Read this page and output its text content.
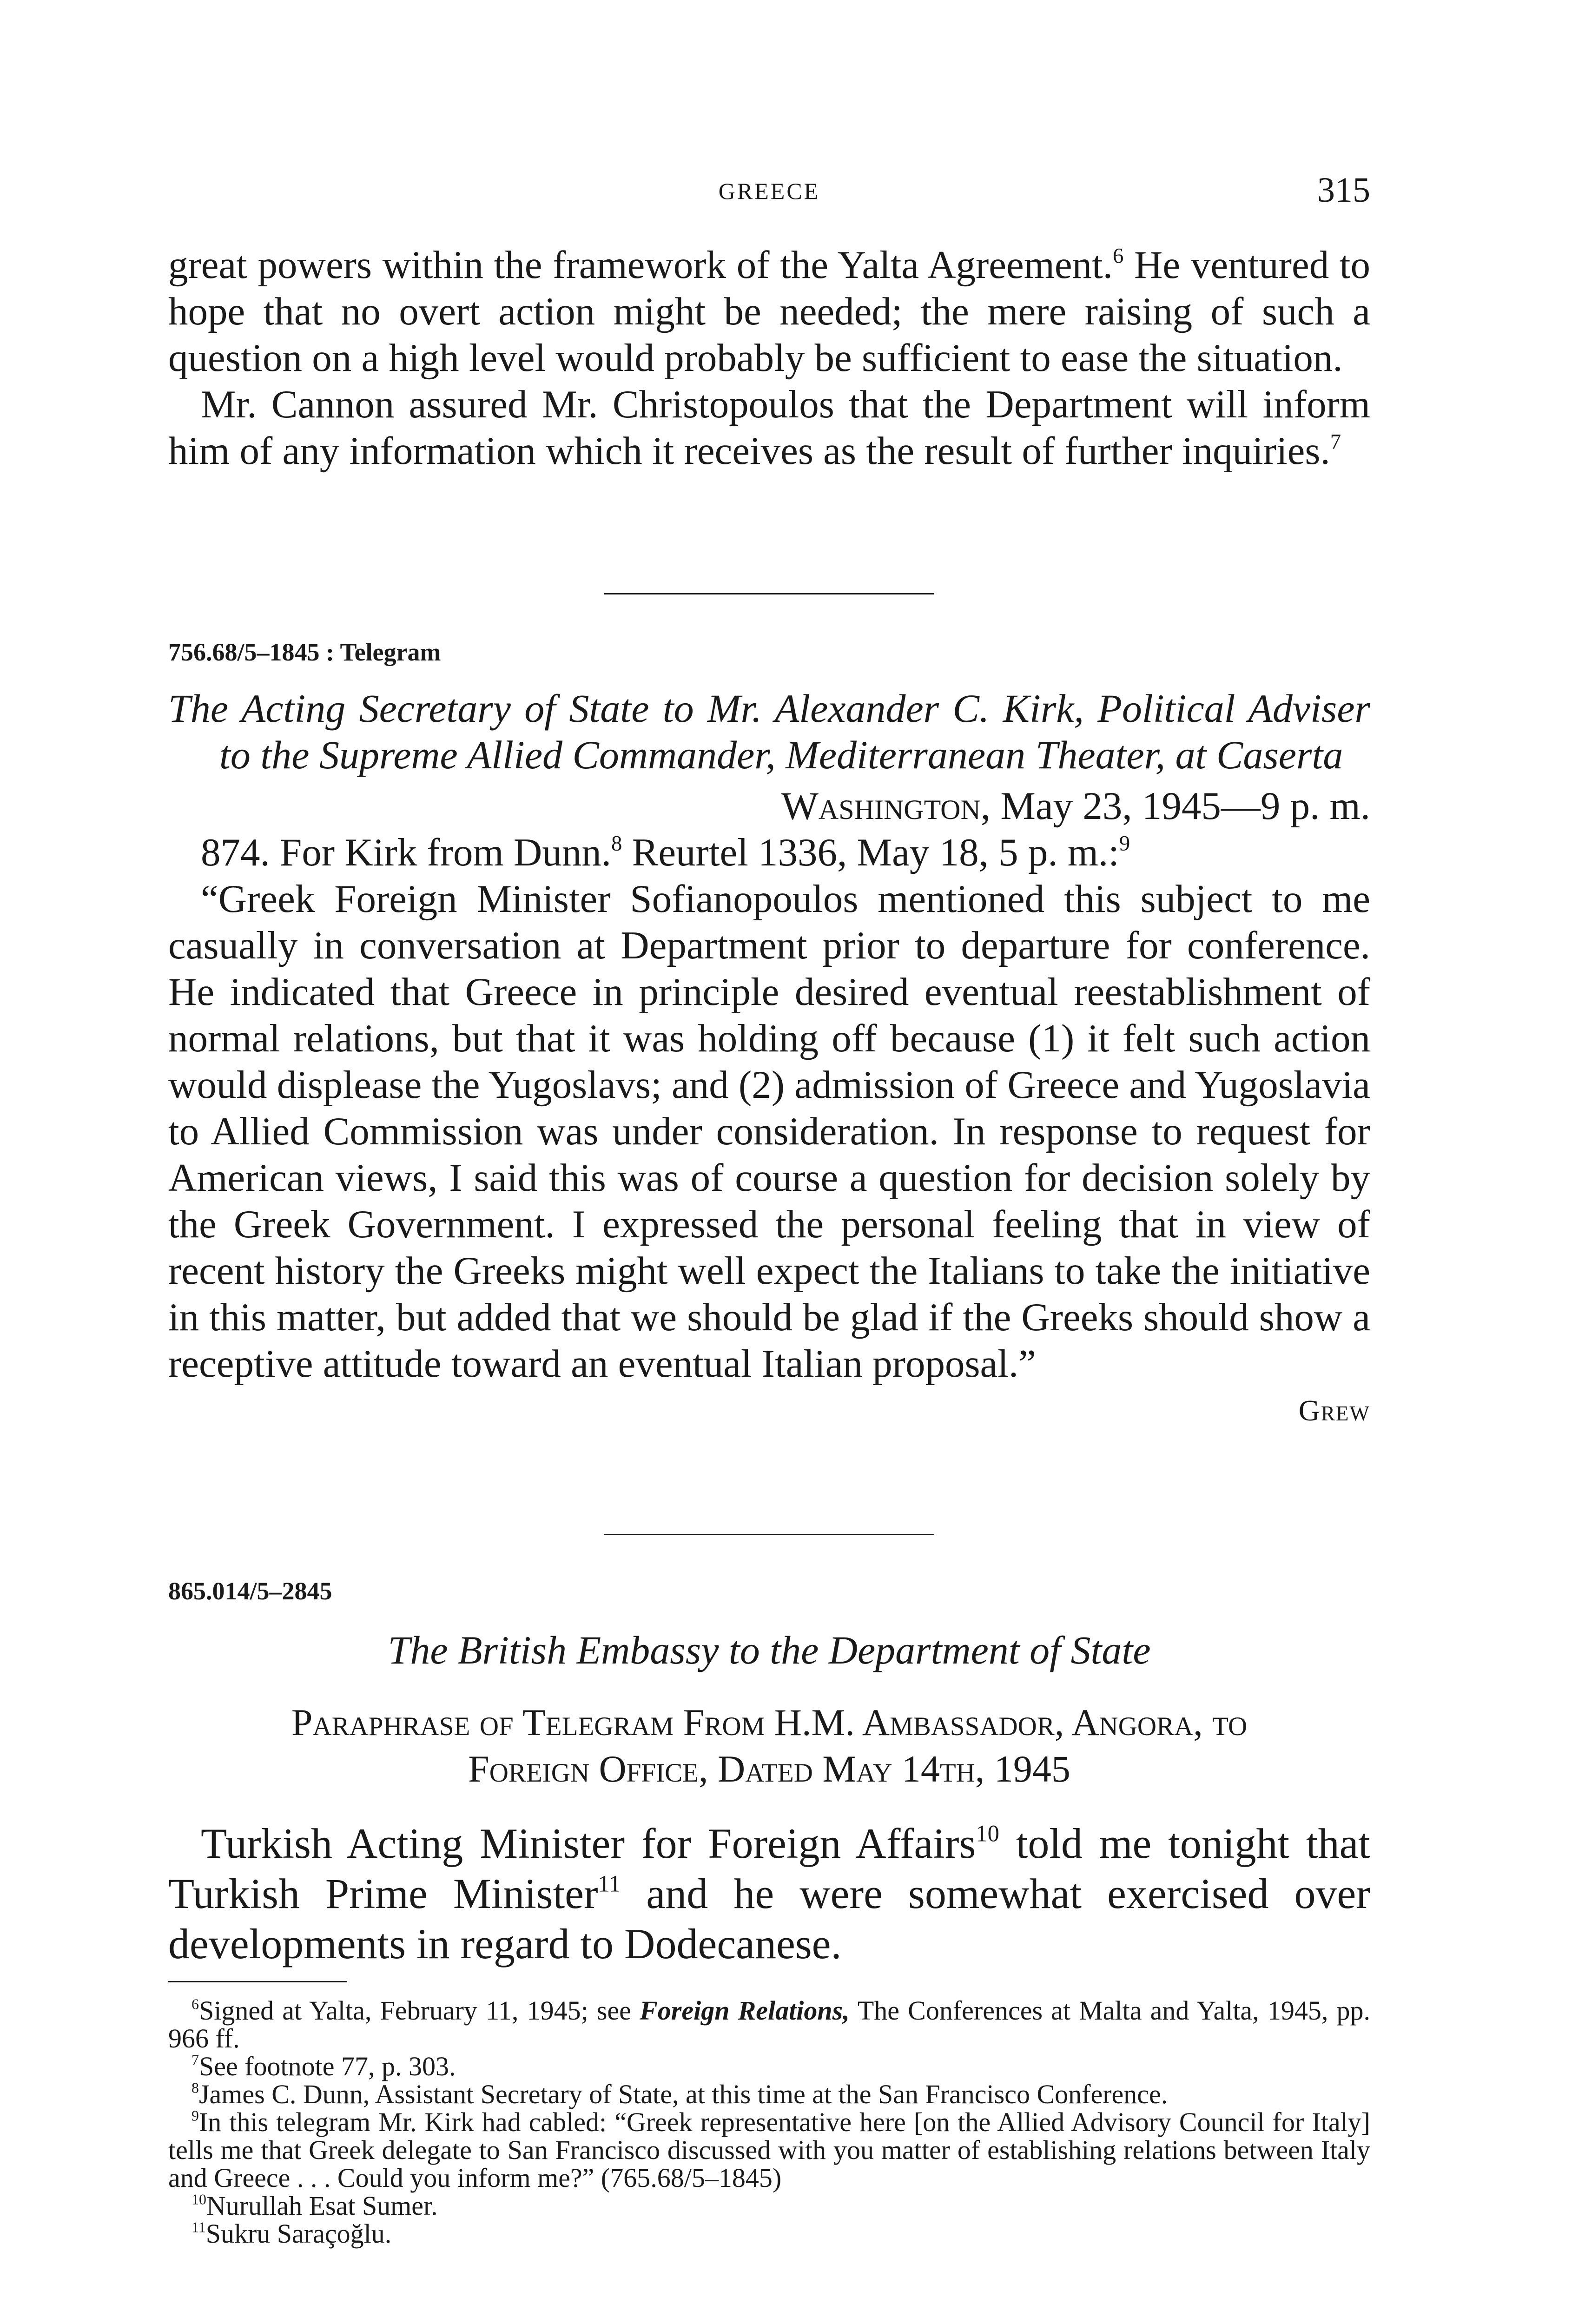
GREECE	315

great powers within the framework of the Yalta Agreement.$^6$ He ventured to hope that no overt action might be needed; the mere raising of such a question on a high level would probably be sufficient to ease the situation.

Mr. Cannon assured Mr. Christopoulos that the Department will inform him of any information which it receives as the result of further inquiries.$^7$

756.68/5–1845 : Telegram

The Acting Secretary of State to Mr. Alexander C. Kirk, Political Adviser to the Supreme Allied Commander, Mediterranean Theater, at Caserta

Washington, May 23, 1945—9 p. m.

874. For Kirk from Dunn.$^8$ Reurtel 1336, May 18, 5 p. m.:$^9$

“Greek Foreign Minister Sofianopoulos mentioned this subject to me casually in conversation at Department prior to departure for conference. He indicated that Greece in principle desired eventual reestablishment of normal relations, but that it was holding off because (1) it felt such action would displease the Yugoslavs; and (2) admission of Greece and Yugoslavia to Allied Commission was under consideration. In response to request for American views, I said this was of course a question for decision solely by the Greek Government. I expressed the personal feeling that in view of recent history the Greeks might well expect the Italians to take the initiative in this matter, but added that we should be glad if the Greeks should show a receptive attitude toward an eventual Italian proposal.”

Grew

865.014/5–2845

The British Embassy to the Department of State

Paraphrase of Telegram From H.M. Ambassador, Angora, to
Foreign Office, Dated May 14th, 1945

Turkish Acting Minister for Foreign Affairs$^{10}$ told me tonight that Turkish Prime Minister$^{11}$ and he were somewhat exercised over developments in regard to Dodecanese.

$^6$Signed at Yalta, February 11, 1945; see Foreign Relations, The Conferences at Malta and Yalta, 1945, pp. 966 ff.

$^7$See footnote 77, p. 303.

$^8$James C. Dunn, Assistant Secretary of State, at this time at the San Francisco Conference.

$^9$In this telegram Mr. Kirk had cabled: “Greek representative here [on the Allied Advisory Council for Italy] tells me that Greek delegate to San Francisco discussed with you matter of establishing relations between Italy and Greece . . . Could you inform me?” (765.68/5–1845)

$^{10}$Nurullah Esat Sumer.

$^{11}$Sukru Saraçoğlu.
